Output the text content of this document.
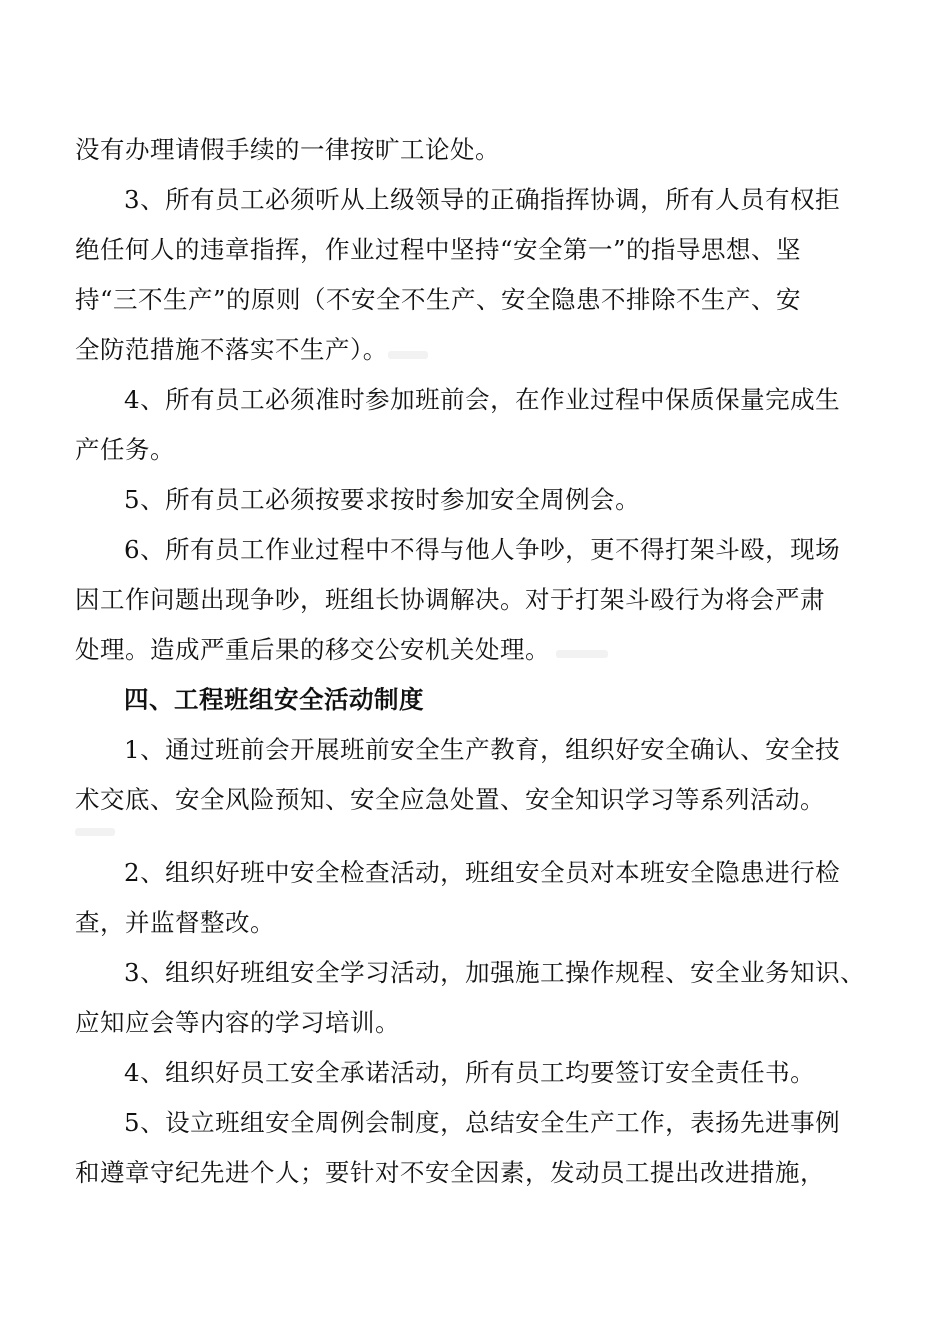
没有办理请假手续的一律按旷工论处。

3、所有员工必须听从上级领导的正确指挥协调，所有人员有权拒

绝任何人的违章指挥，作业过程中坚持“安全第一”的指导思想、坚

持“三不生产”的原则（不安全不生产、安全隐患不排除不生产、安

全防范措施不落实不生产）。

4、所有员工必须准时参加班前会，在作业过程中保质保量完成生

产任务。

5、所有员工必须按要求按时参加安全周例会。

6、所有员工作业过程中不得与他人争吵，更不得打架斗殴，现场

因工作问题出现争吵，班组长协调解决。对于打架斗殴行为将会严肃

处理。造成严重后果的移交公安机关处理。

四、工程班组安全活动制度

1、通过班前会开展班前安全生产教育，组织好安全确认、安全技

术交底、安全风险预知、安全应急处置、安全知识学习等系列活动。

2、组织好班中安全检查活动，班组安全员对本班安全隐患进行检

查，并监督整改。

3、组织好班组安全学习活动，加强施工操作规程、安全业务知识、

应知应会等内容的学习培训。

4、组织好员工安全承诺活动，所有员工均要签订安全责任书。

5、设立班组安全周例会制度，总结安全生产工作，表扬先进事例

和遵章守纪先进个人；要针对不安全因素，发动员工提出改进措施，
